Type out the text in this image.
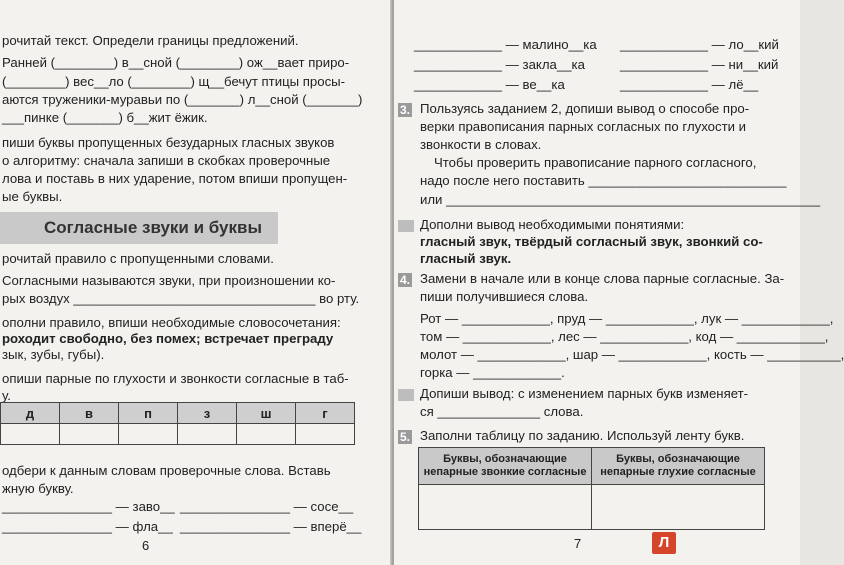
рочитай текст. Определи границы предложений.
Ранней (________) в__сной (________) ож__вает приро-
(________) вес__ло (________) щ__бечут птицы просы-
аются труженики-муравьи по (_______) л__сной (_______)
___пинке (_______) б__жит ёжик.
пиши буквы пропущенных безударных гласных звуков
о алгоритму: сначала запиши в скобках проверочные
лова и поставь в них ударение, потом впиши пропущен-
ые буквы.
Согласные звуки и буквы
рочитай правило с пропущенными словами.
Согласными называются звуки, при произношении ко-
рых воздух _________________________________ во рту.
ополни правило, впиши необходимые словосочетания:
роходит свободно, без помех; встречает преграду
зык, зубы, губы).
опиши парные по глухости и звонкости согласные в таб-
у.
д	в	п	з	ш	г

одбери к данным словам проверочные слова. Вставь
жную букву.
_______________ — заво__ _______________ — сосе__
_______________ — фла__ _______________ — вперё__
6
____________ — малино__ка ____________ — ло__кий
____________ — закла__ка	____________ — ни__кий
____________ — ве__ка	____________ — лё__
3. Пользуясь заданием 2, допиши вывод о способе про-
верки правописания парных согласных по глухости и
звонкости в словах.
Чтобы проверить правописание парного согласного,
надо после него поставить ___________________________
или ___________________________________________________
Дополни вывод необходимыми понятиями:
гласный звук, твёрдый согласный звук, звонкий со-
гласный звук.
4. Замени в начале или в конце слова парные согласные. За-
пиши получившиеся слова.
Рот — ____________, пруд — ____________, лук — ____________,
том — ____________, лес — ____________, код — ____________,
молот — ____________, шар — ____________, кость — __________,
горка — ____________.
Допиши вывод: с изменением парных букв изменяет-
ся ______________ слова.
5. Заполни таблицу по заданию. Используй ленту букв.
Буквы, обозначающие непарные звонкие согласные	Буквы, обозначающие непарные глухие согласные

7	Л
